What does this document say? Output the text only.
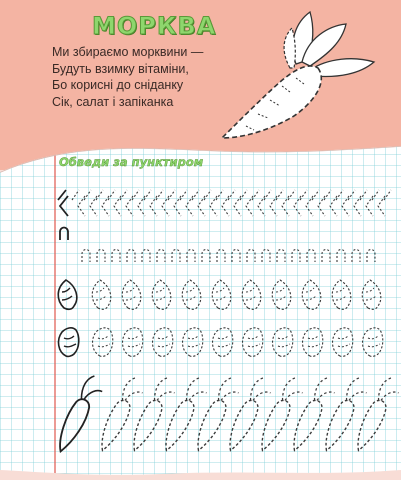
МОРКВА
Ми збираємо морквини —
Будуть взимку вітаміни,
Бо корисні до сніданку
Сік, салат і запіканка
Обведи за пунктиром
